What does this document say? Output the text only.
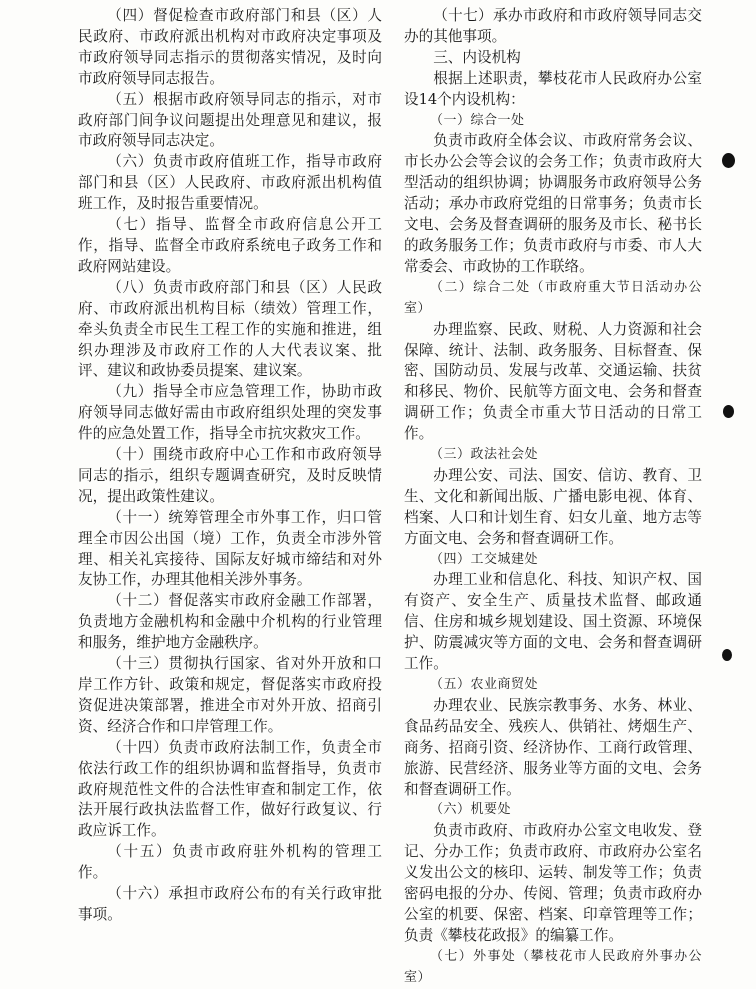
（四）督促检查市政府部门和县（区）人民政府、市政府派出机构对市政府决定事项及市政府领导同志指示的贯彻落实情况，及时向市政府领导同志报告。

（五）根据市政府领导同志的指示，对市政府部门间争议问题提出处理意见和建议，报市政府领导同志决定。

（六）负责市政府值班工作，指导市政府部门和县（区）人民政府、市政府派出机构值班工作，及时报告重要情况。

（七）指导、监督全市政府信息公开工作，指导、监督全市政府系统电子政务工作和政府网站建设。

（八）负责市政府部门和县（区）人民政府、市政府派出机构目标（绩效）管理工作，牵头负责全市民生工程工作的实施和推进，组织办理涉及市政府工作的人大代表议案、批评、建议和政协委员提案、建议案。

（九）指导全市应急管理工作，协助市政府领导同志做好需由市政府组织处理的突发事件的应急处置工作，指导全市抗灾救灾工作。

（十）围绕市政府中心工作和市政府领导同志的指示，组织专题调查研究，及时反映情况，提出政策性建议。

（十一）统筹管理全市外事工作，归口管理全市因公出国（境）工作，负责全市涉外管理、相关礼宾接待、国际友好城市缔结和对外友协工作，办理其他相关涉外事务。

（十二）督促落实市政府金融工作部署，负责地方金融机构和金融中介机构的行业管理和服务，维护地方金融秩序。

（十三）贯彻执行国家、省对外开放和口岸工作方针、政策和规定，督促落实市政府投资促进决策部署，推进全市对外开放、招商引资、经济合作和口岸管理工作。

（十四）负责市政府法制工作，负责全市依法行政工作的组织协调和监督指导，负责市政府规范性文件的合法性审查和制定工作，依法开展行政执法监督工作，做好行政复议、行政应诉工作。

（十五）负责市政府驻外机构的管理工作。

（十六）承担市政府公布的有关行政审批事项。

（十七）承办市政府和市政府领导同志交办的其他事项。

三、内设机构

根据上述职责，攀枝花市人民政府办公室设14个内设机构：

（一）综合一处

负责市政府全体会议、市政府常务会议、市长办公会等会议的会务工作；负责市政府大型活动的组织协调；协调服务市政府领导公务活动；承办市政府党组的日常事务；负责市长文电、会务及督查调研的服务及市长、秘书长的政务服务工作；负责市政府与市委、市人大常委会、市政协的工作联络。

（二）综合二处（市政府重大节日活动办公室）

办理监察、民政、财税、人力资源和社会保障、统计、法制、政务服务、目标督查、保密、国防动员、发展与改革、交通运输、扶贫和移民、物价、民航等方面文电、会务和督查调研工作；负责全市重大节日活动的日常工作。

（三）政法社会处

办理公安、司法、国安、信访、教育、卫生、文化和新闻出版、广播电影电视、体育、档案、人口和计划生育、妇女儿童、地方志等方面文电、会务和督查调研工作。

（四）工交城建处

办理工业和信息化、科技、知识产权、国有资产、安全生产、质量技术监督、邮政通信、住房和城乡规划建设、国土资源、环境保护、防震减灾等方面的文电、会务和督查调研工作。

（五）农业商贸处

办理农业、民族宗教事务、水务、林业、食品药品安全、残疾人、供销社、烤烟生产、商务、招商引资、经济协作、工商行政管理、旅游、民营经济、服务业等方面的文电、会务和督查调研工作。

（六）机要处

负责市政府、市政府办公室文电收发、登记、分办工作；负责市政府、市政府办公室名义发出公文的核印、运转、制发等工作；负责密码电报的分办、传阅、管理；负责市政府办公室的机要、保密、档案、印章管理等工作；负责《攀枝花政报》的编纂工作。

（七）外事处（攀枝花市人民政府外事办公室）
